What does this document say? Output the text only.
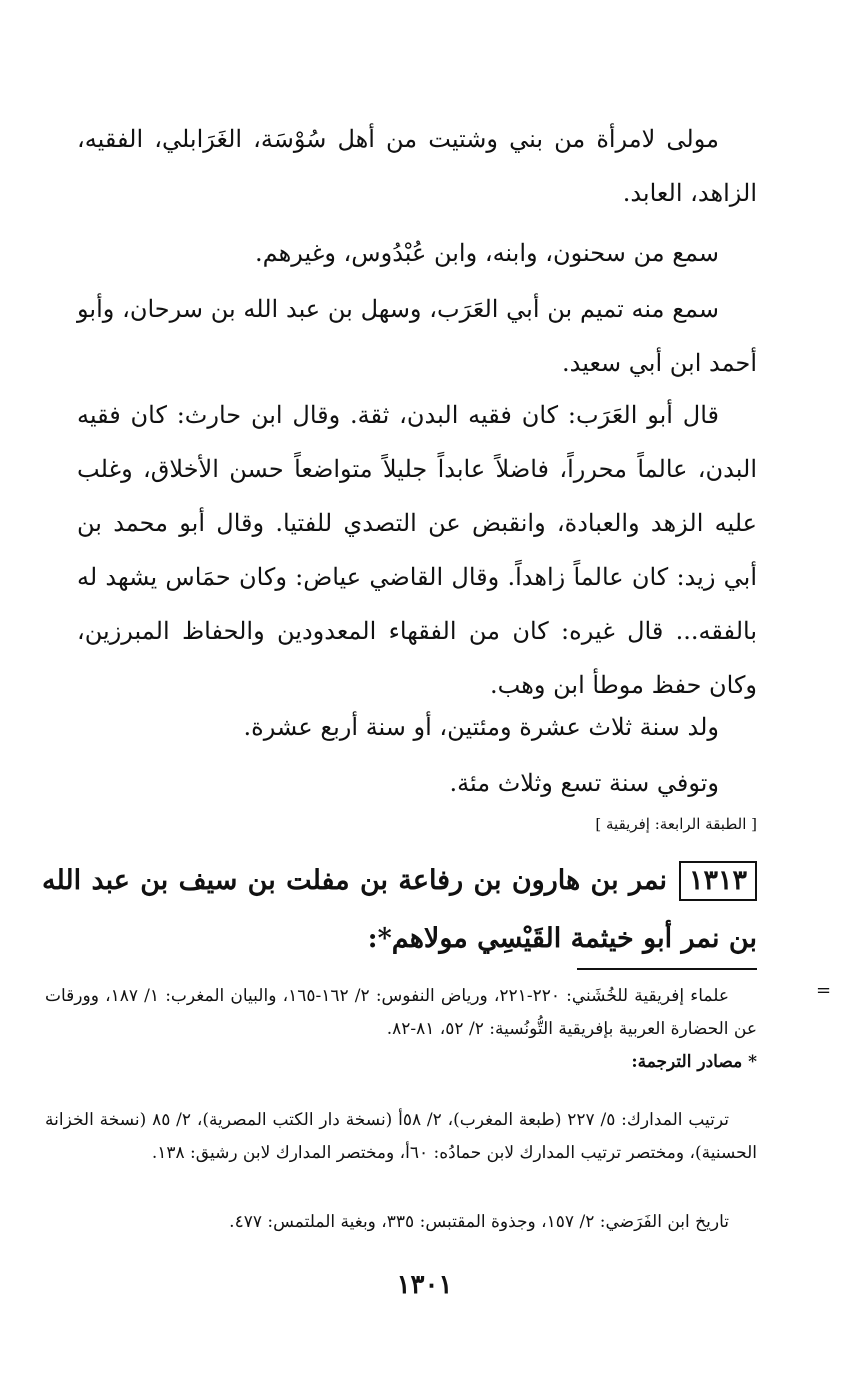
مولى لامرأة من بني وشتيت من أهل سُوْسَة، الغَرَابلي، الفقيه، الزاهد، العابد.

سمع من سحنون، وابنه، وابن عُبْدُوس، وغيرهم.

سمع منه تميم بن أبي العَرَب، وسهل بن عبد الله بن سرحان، وأبو أحمد ابن أبي سعيد.

قال أبو العَرَب: كان فقيه البدن، ثقة. وقال ابن حارث: كان فقيه البدن، عالماً محرراً، فاضلاً عابداً جليلاً متواضعاً حسن الأخلاق، وغلب عليه الزهد والعبادة، وانقبض عن التصدي للفتيا. وقال أبو محمد بن أبي زيد: كان عالماً زاهداً. وقال القاضي عياض: وكان حمَاس يشهد له بالفقه... قال غيره: كان من الفقهاء المعدودين والحفاظ المبرزين، وكان حفظ موطأ ابن وهب.

ولد سنة ثلاث عشرة ومئتين، أو سنة أربع عشرة.

وتوفي سنة تسع وثلاث مئة.

[ الطبقة الرابعة: إفريقية ]
١٣١٣نمر بن هارون بن رفاعة بن مفلت بن سيف بن عبد الله بن نمر أبو خيثمة القَيْسِي مولاهم*:
=

علماء إفريقية للخُشَني: ٢٢٠-٢٢١، ورياض النفوس: ٢/ ١٦٢-١٦٥، والبيان المغرب: ١/ ١٨٧، وورقات عن الحضارة العربية بإفريقية التُّونُسية: ٢/ ٥٢، ٨١-٨٢.

* مصادر الترجمة:

ترتيب المدارك: ٥/ ٢٢٧ (طبعة المغرب)، ٢/ ٥٨أ (نسخة دار الكتب المصرية)، ٢/ ٨٥ (نسخة الخزانة الحسنية)، ومختصر ترتيب المدارك لابن حمادُه: ٦٠أ، ومختصر المدارك لابن رشيق: ١٣٨.

تاريخ ابن الفَرَضي: ٢/ ١٥٧، وجذوة المقتبس: ٣٣٥، وبغية الملتمس: ٤٧٧.

١٣٠١
